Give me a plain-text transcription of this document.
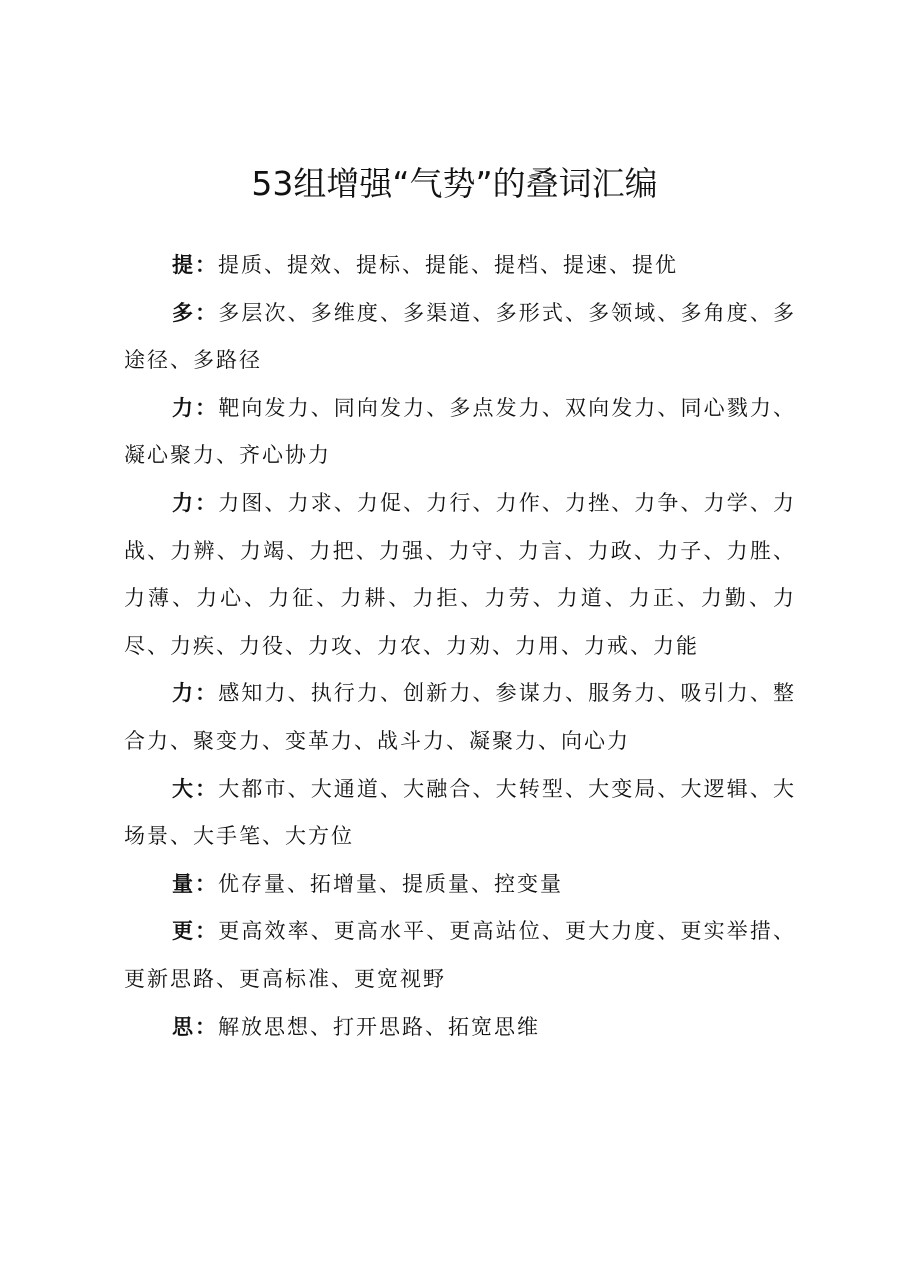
53组增强“气势”的叠词汇编

提：提质、提效、提标、提能、提档、提速、提优

多：多层次、多维度、多渠道、多形式、多领域、多角度、多途径、多路径

力：靶向发力、同向发力、多点发力、双向发力、同心戮力、凝心聚力、齐心协力

力：力图、力求、力促、力行、力作、力挫、力争、力学、力战、力辨、力竭、力把、力强、力守、力言、力政、力子、力胜、力薄、力心、力征、力耕、力拒、力劳、力道、力正、力勤、力尽、力疾、力役、力攻、力农、力劝、力用、力戒、力能

力：感知力、执行力、创新力、参谋力、服务力、吸引力、整合力、聚变力、变革力、战斗力、凝聚力、向心力

大：大都市、大通道、大融合、大转型、大变局、大逻辑、大场景、大手笔、大方位

量：优存量、拓增量、提质量、控变量

更：更高效率、更高水平、更高站位、更大力度、更实举措、更新思路、更高标准、更宽视野

思：解放思想、打开思路、拓宽思维
